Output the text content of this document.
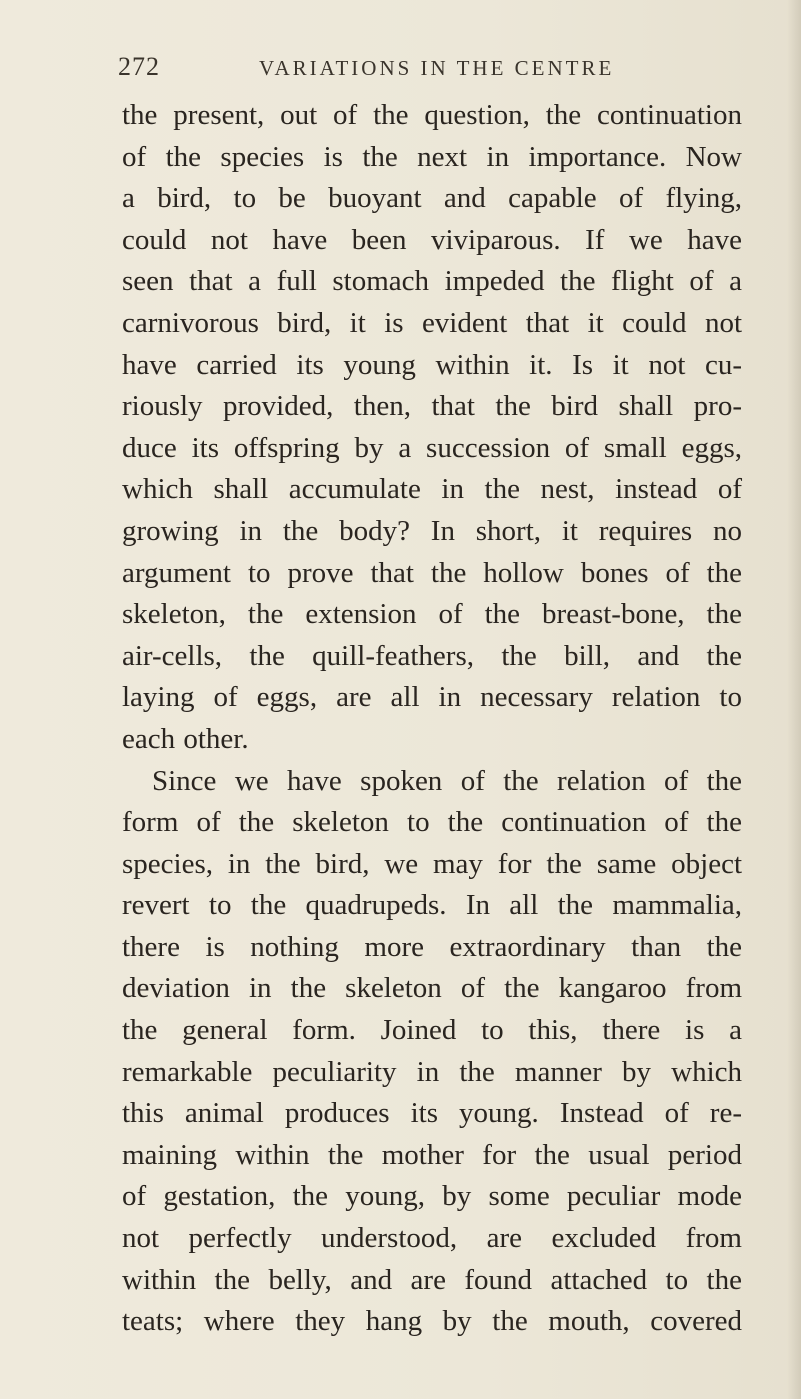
272	VARIATIONS IN THE CENTRE
the present, out of the question, the continuation
of the species is the next in importance. Now
a bird, to be buoyant and capable of flying,
could not have been viviparous. If we have
seen that a full stomach impeded the flight of a
carnivorous bird, it is evident that it could not
have carried its young within it. Is it not cu-
riously provided, then, that the bird shall pro-
duce its offspring by a succession of small eggs,
which shall accumulate in the nest, instead of
growing in the body? In short, it requires no
argument to prove that the hollow bones of the
skeleton, the extension of the breast-bone, the
air-cells, the quill-feathers, the bill, and the
laying of eggs, are all in necessary relation to
each other.
Since we have spoken of the relation of the
form of the skeleton to the continuation of the
species, in the bird, we may for the same object
revert to the quadrupeds. In all the mammalia,
there is nothing more extraordinary than the
deviation in the skeleton of the kangaroo from
the general form. Joined to this, there is a
remarkable peculiarity in the manner by which
this animal produces its young. Instead of re-
maining within the mother for the usual period
of gestation, the young, by some peculiar mode
not perfectly understood, are excluded from
within the belly, and are found attached to the
teats; where they hang by the mouth, covered
